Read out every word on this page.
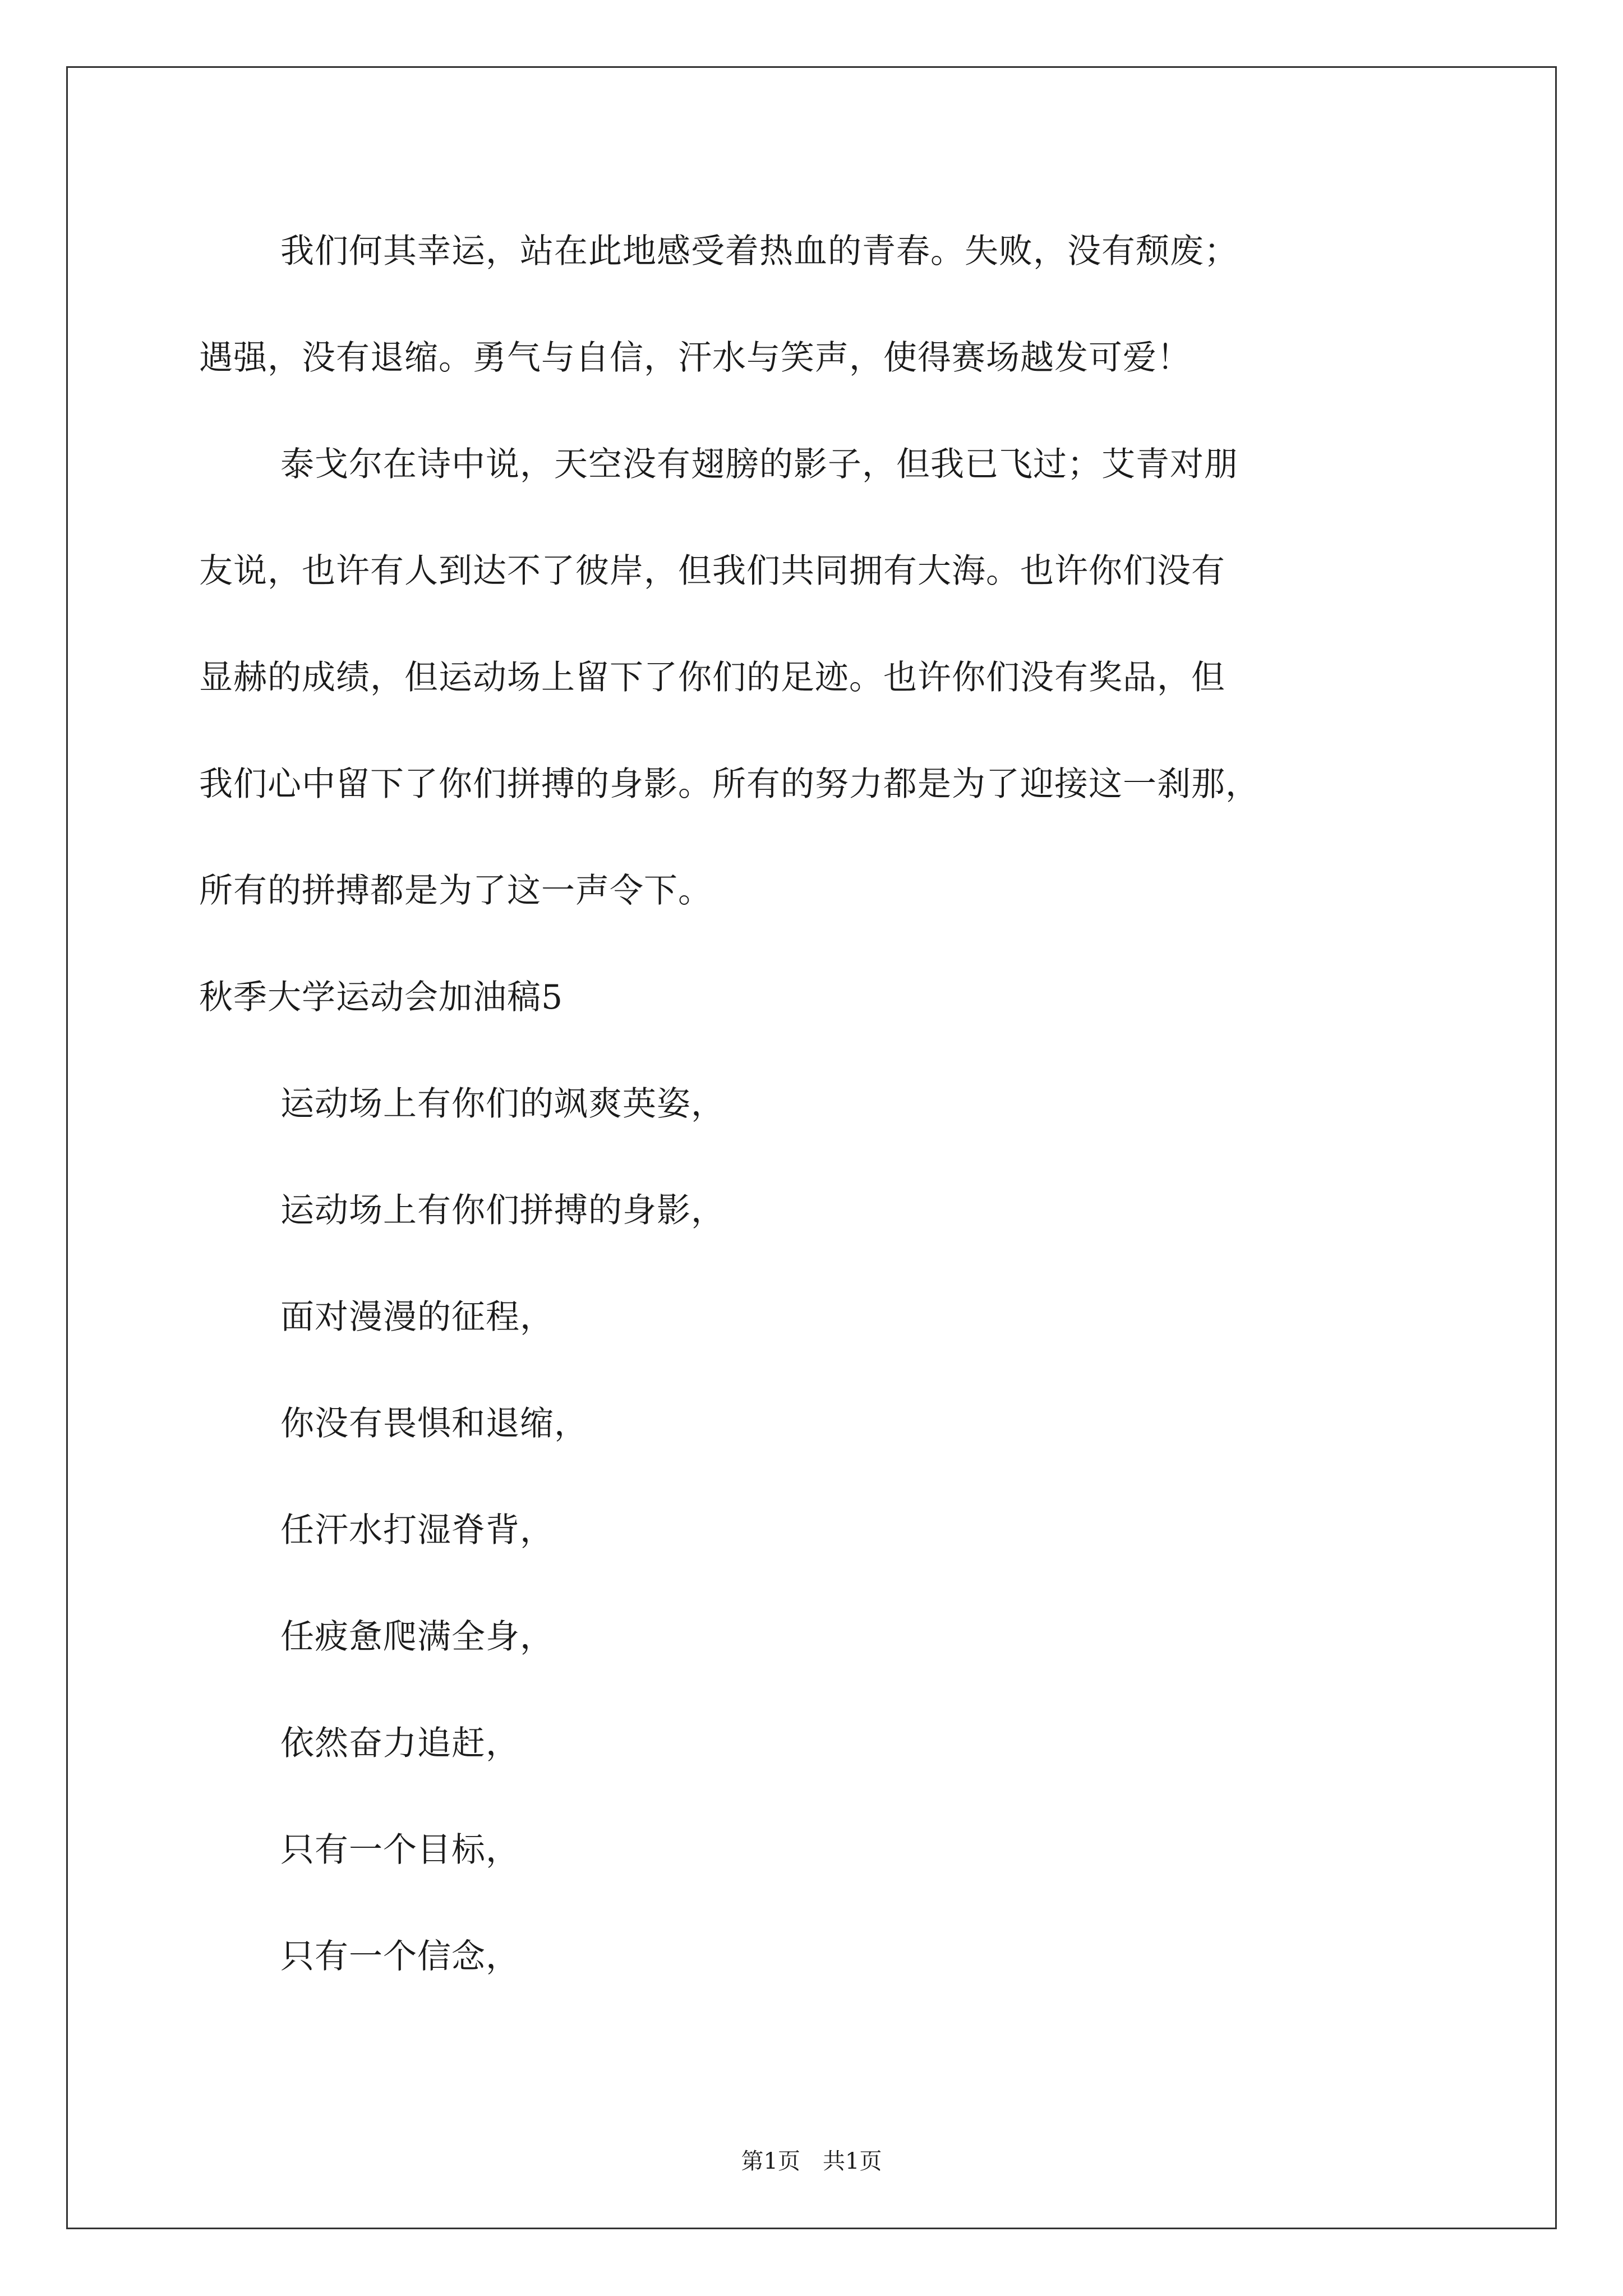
我们何其幸运，站在此地感受着热血的青春。失败，没有颓废；
遇强，没有退缩。勇气与自信，汗水与笑声，使得赛场越发可爱！
泰戈尔在诗中说，天空没有翅膀的影子，但我已飞过；艾青对朋
友说，也许有人到达不了彼岸，但我们共同拥有大海。也许你们没有
显赫的成绩，但运动场上留下了你们的足迹。也许你们没有奖品，但
我们心中留下了你们拼搏的身影。所有的努力都是为了迎接这一刹那，
所有的拼搏都是为了这一声令下。
秋季大学运动会加油稿5
运动场上有你们的飒爽英姿，
运动场上有你们拼搏的身影，
面对漫漫的征程，
你没有畏惧和退缩，
任汗水打湿脊背，
任疲惫爬满全身，
依然奋力追赶，
只有一个目标，
只有一个信念，
第1页　共1页
